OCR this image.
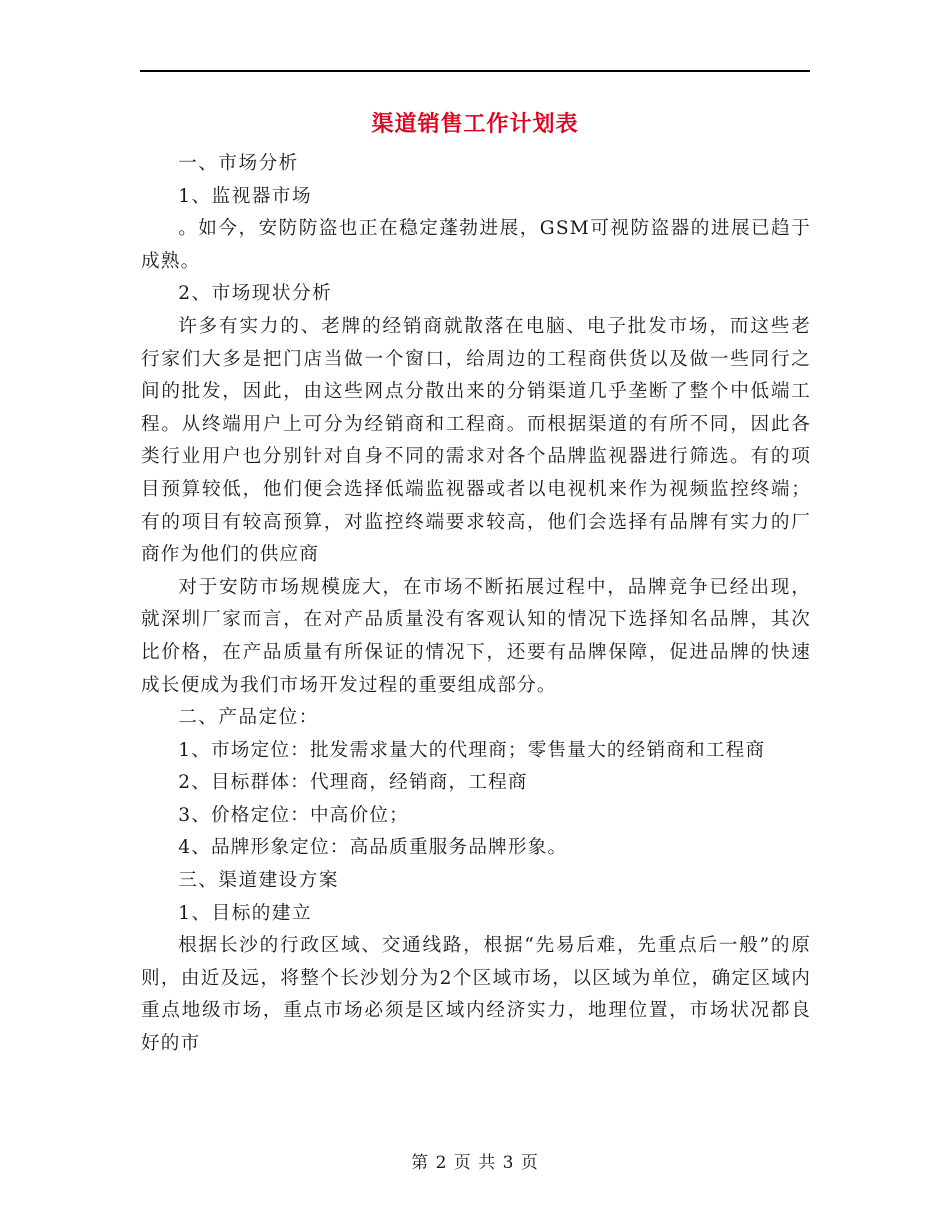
渠道销售工作计划表

一、市场分析

1、监视器市场

。如今，安防防盗也正在稳定蓬勃进展，GSM可视防盗器的进展已趋于成熟。

2、市场现状分析

许多有实力的、老牌的经销商就散落在电脑、电子批发市场，而这些老行家们大多是把门店当做一个窗口，给周边的工程商供货以及做一些同行之间的批发，因此，由这些网点分散出来的分销渠道几乎垄断了整个中低端工程。从终端用户上可分为经销商和工程商。而根据渠道的有所不同，因此各类行业用户也分别针对自身不同的需求对各个品牌监视器进行筛选。有的项目预算较低，他们便会选择低端监视器或者以电视机来作为视频监控终端；有的项目有较高预算，对监控终端要求较高，他们会选择有品牌有实力的厂商作为他们的供应商

对于安防市场规模庞大，在市场不断拓展过程中，品牌竞争已经出现，就深圳厂家而言，在对产品质量没有客观认知的情况下选择知名品牌，其次比价格，在产品质量有所保证的情况下，还要有品牌保障，促进品牌的快速成长便成为我们市场开发过程的重要组成部分。

二、产品定位：

1、市场定位：批发需求量大的代理商；零售量大的经销商和工程商

2、目标群体：代理商，经销商，工程商

3、价格定位：中高价位；

4、品牌形象定位：高品质重服务品牌形象。

三、渠道建设方案

1、目标的建立

根据长沙的行政区域、交通线路，根据“先易后难，先重点后一般”的原则，由近及远，将整个长沙划分为2个区域市场，以区域为单位，确定区域内重点地级市场，重点市场必须是区域内经济实力，地理位置，市场状况都良好的市

第 2 页 共 3 页
